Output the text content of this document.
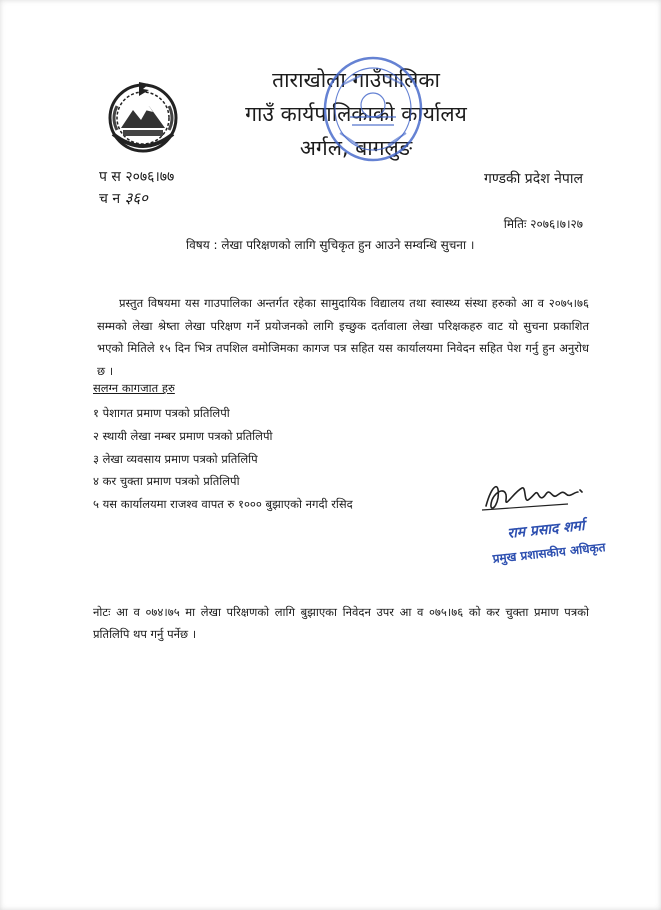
ताराखोला गाउँपालिका
गाउँ कार्यपालिकाको कार्यालय
अर्गल, बागलुङ
प स २०७६।७७
च न ३६०
गण्डकी प्रदेश नेपाल
मितिः २०७६।७।२७
विषय : लेखा परिक्षणको लागि सुचिकृत हुन आउने सम्वन्धि सुचना ।
प्रस्तुत विषयमा यस गाउपालिका अन्तर्गत रहेका सामुदायिक विद्यालय तथा स्वास्थ्य संस्था हरुको आ व २०७५।७६ सम्मको लेखा श्रेष्ता लेखा परिक्षण गर्ने प्रयोजनको लागि इच्छुक दर्तावाला लेखा परिक्षकहरु वाट यो सुचना प्रकाशित भएको मितिले १५ दिन भित्र तपशिल वमोजिमका कागज पत्र सहित यस कार्यालयमा निवेदन सहित पेश गर्नु हुन अनुरोध छ ।
सलग्न कागजात हरु
१ पेशागत प्रमाण पत्रको प्रतिलिपी
२ स्थायी लेखा नम्बर प्रमाण पत्रको प्रतिलिपी
३ लेखा व्यवसाय प्रमाण पत्रको प्रतिलिपि
४ कर चुक्ता प्रमाण पत्रको प्रतिलिपी
५ यस कार्यालयमा राजश्व वापत रु १००० बुझाएको नगदी रसिद
राम प्रसाद शर्मा
प्रमुख प्रशासकीय अधिकृत
नोटः आ व ०७४।७५ मा लेखा परिक्षणको लागि बुझाएका निवेदन उपर आ व ०७५।७६ को कर चुक्ता प्रमाण पत्रको प्रतिलिपि थप गर्नु पर्नेछ ।
